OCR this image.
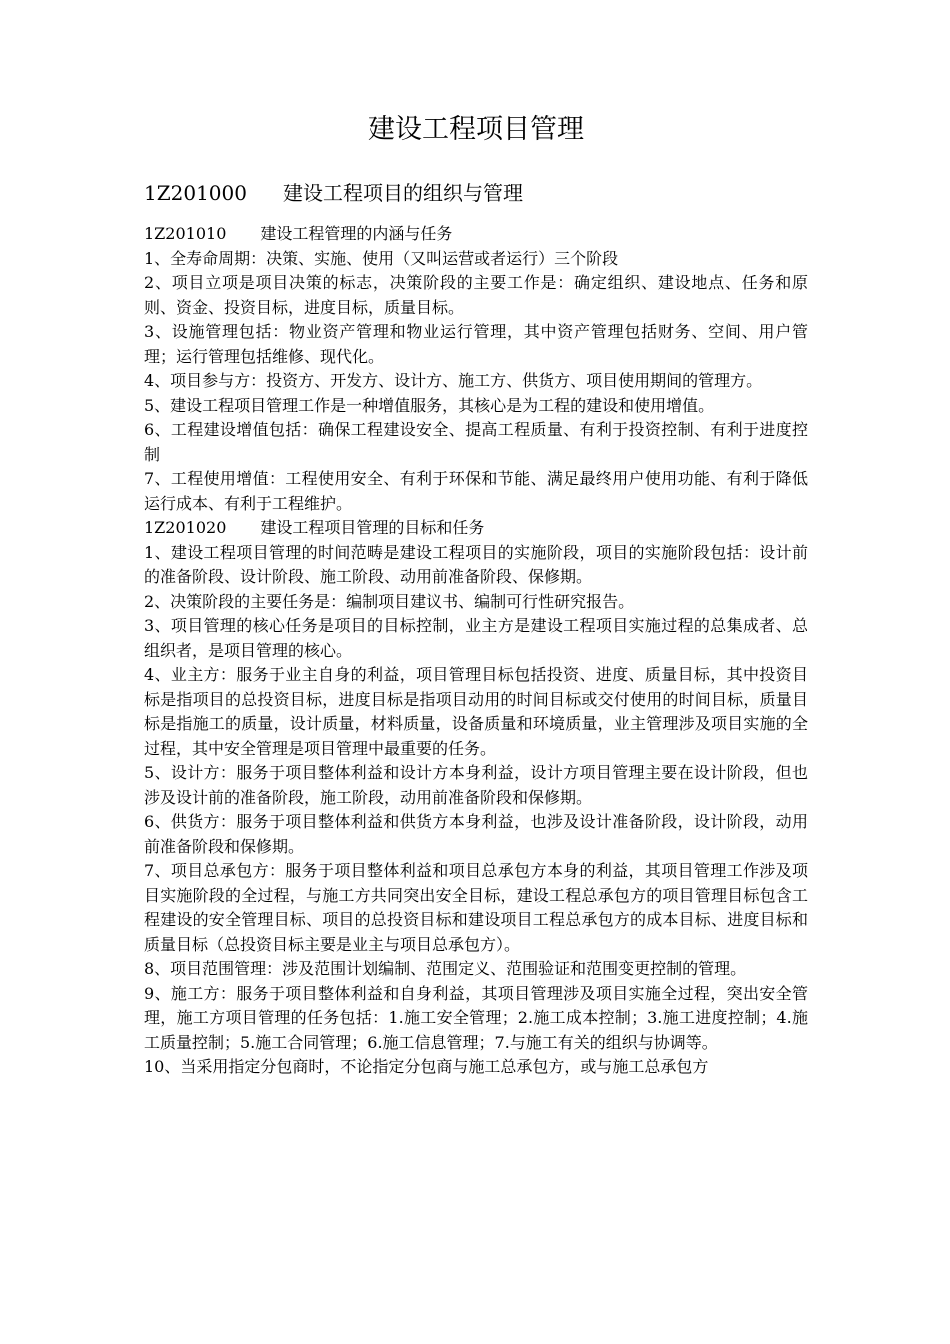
建设工程项目管理
1Z201000 建设工程项目的组织与管理
1Z201010 建设工程管理的内涵与任务

1、全寿命周期：决策、实施、使用（又叫运营或者运行）三个阶段

2、项目立项是项目决策的标志，决策阶段的主要工作是：确定组织、建设地点、任务和原则、资金、投资目标，进度目标，质量目标。

3、设施管理包括：物业资产管理和物业运行管理，其中资产管理包括财务、空间、用户管理；运行管理包括维修、现代化。

4、项目参与方：投资方、开发方、设计方、施工方、供货方、项目使用期间的管理方。

5、建设工程项目管理工作是一种增值服务，其核心是为工程的建设和使用增值。

6、工程建设增值包括：确保工程建设安全、提高工程质量、有利于投资控制、有利于进度控制

7、工程使用增值：工程使用安全、有利于环保和节能、满足最终用户使用功能、有利于降低运行成本、有利于工程维护。

1Z201020 建设工程项目管理的目标和任务

1、建设工程项目管理的时间范畴是建设工程项目的实施阶段，项目的实施阶段包括：设计前的准备阶段、设计阶段、施工阶段、动用前准备阶段、保修期。

2、决策阶段的主要任务是：编制项目建议书、编制可行性研究报告。

3、项目管理的核心任务是项目的目标控制，业主方是建设工程项目实施过程的总集成者、总组织者，是项目管理的核心。

4、业主方：服务于业主自身的利益，项目管理目标包括投资、进度、质量目标，其中投资目标是指项目的总投资目标，进度目标是指项目动用的时间目标或交付使用的时间目标，质量目标是指施工的质量，设计质量，材料质量，设备质量和环境质量，业主管理涉及项目实施的全过程，其中安全管理是项目管理中最重要的任务。

5、设计方：服务于项目整体利益和设计方本身利益，设计方项目管理主要在设计阶段，但也涉及设计前的准备阶段，施工阶段，动用前准备阶段和保修期。

6、供货方：服务于项目整体利益和供货方本身利益，也涉及设计准备阶段，设计阶段，动用前准备阶段和保修期。

7、项目总承包方：服务于项目整体利益和项目总承包方本身的利益，其项目管理工作涉及项目实施阶段的全过程，与施工方共同突出安全目标，建设工程总承包方的项目管理目标包含工程建设的安全管理目标、项目的总投资目标和建设项目工程总承包方的成本目标、进度目标和质量目标（总投资目标主要是业主与项目总承包方）。

8、项目范围管理：涉及范围计划编制、范围定义、范围验证和范围变更控制的管理。

9、施工方：服务于项目整体利益和自身利益，其项目管理涉及项目实施全过程，突出安全管理，施工方项目管理的任务包括：1.施工安全管理；2.施工成本控制；3.施工进度控制；4.施工质量控制；5.施工合同管理；6.施工信息管理；7.与施工有关的组织与协调等。

10、当采用指定分包商时，不论指定分包商与施工总承包方，或与施工总承包方
